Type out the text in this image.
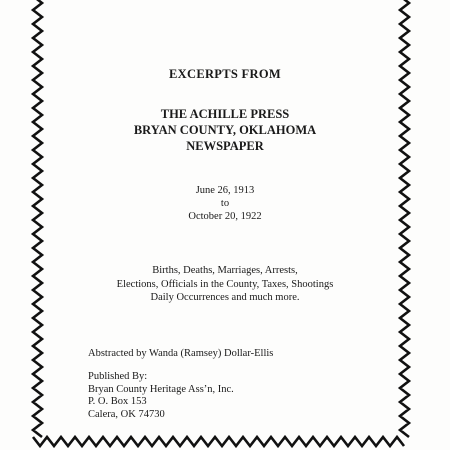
EXCERPTS FROM
THE ACHILLE PRESS
BRYAN COUNTY, OKLAHOMA
NEWSPAPER
June 26, 1913
to
October 20, 1922
Births, Deaths, Marriages, Arrests,
Elections, Officials in the County, Taxes, Shootings
Daily Occurrences and much more.
Abstracted by Wanda (Ramsey) Dollar-Ellis
Published By:
Bryan County Heritage Ass’n, Inc.
P. O. Box 153
Calera, OK 74730
